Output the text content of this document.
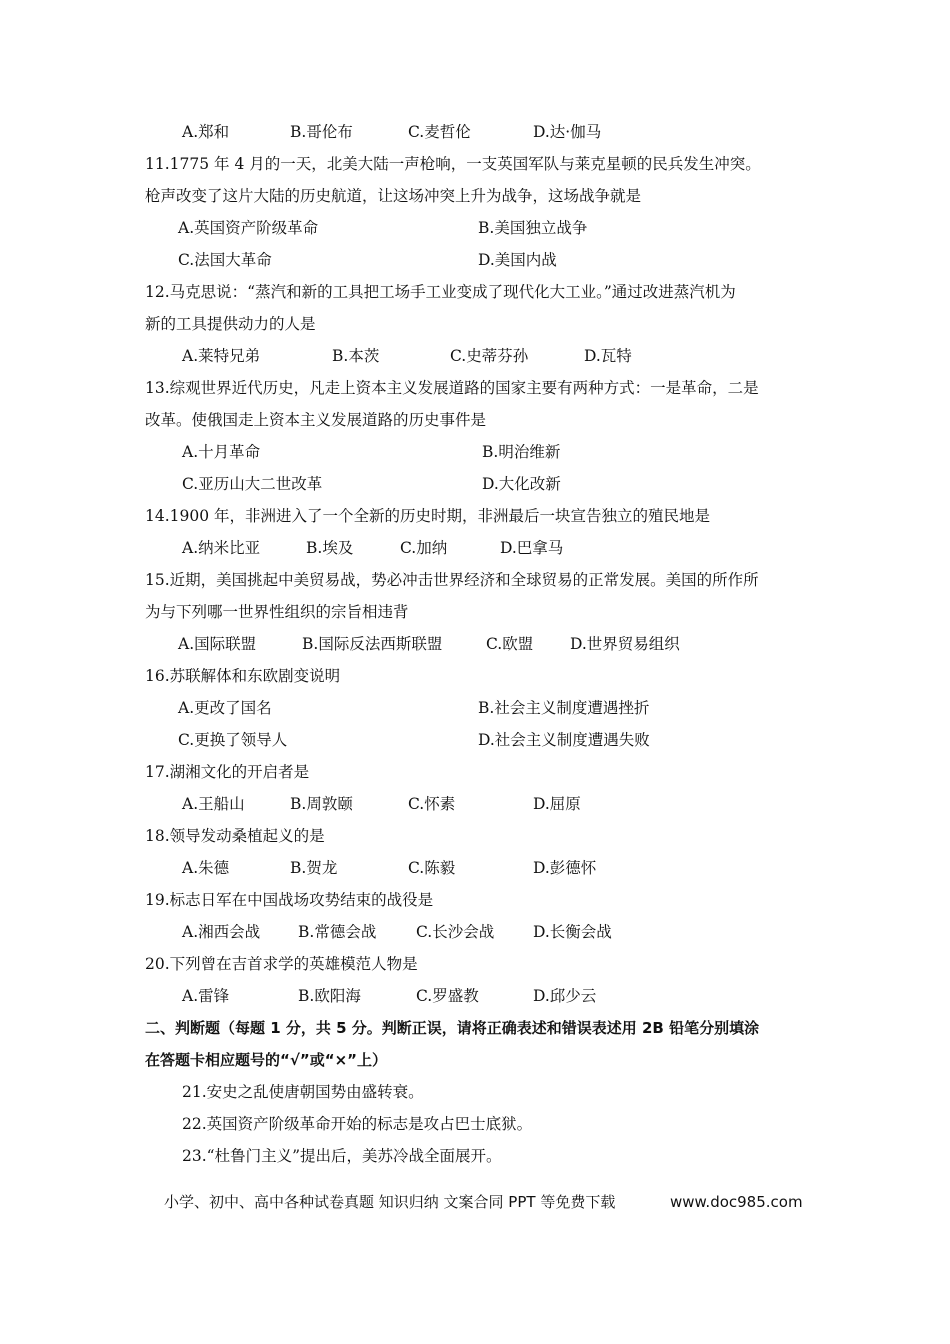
A.郑和	B.哥伦布	C.麦哲伦	D.达·伽马
11.1775 年 4 月的一天，北美大陆一声枪响，一支英国军队与莱克星顿的民兵发生冲突。
枪声改变了这片大陆的历史航道，让这场冲突上升为战争，这场战争就是
A.英国资产阶级革命	B.美国独立战争
C.法国大革命	D.美国内战
12.马克思说：“蒸汽和新的工具把工场手工业变成了现代化大工业。”通过改进蒸汽机为
新的工具提供动力的人是
A.莱特兄弟	B.本茨	C.史蒂芬孙	D.瓦特
13.综观世界近代历史，凡走上资本主义发展道路的国家主要有两种方式：一是革命，二是
改革。使俄国走上资本主义发展道路的历史事件是
A.十月革命	B.明治维新
C.亚历山大二世改革	D.大化改新
14.1900 年，非洲进入了一个全新的历史时期，非洲最后一块宣告独立的殖民地是
A.纳米比亚	B.埃及	C.加纳	D.巴拿马
15.近期，美国挑起中美贸易战，势必冲击世界经济和全球贸易的正常发展。美国的所作所
为与下列哪一世界性组织的宗旨相违背
A.国际联盟	B.国际反法西斯联盟	C.欧盟 D.世界贸易组织
16.苏联解体和东欧剧变说明
A.更改了国名	B.社会主义制度遭遇挫折
C.更换了领导人	D.社会主义制度遭遇失败
17.湖湘文化的开启者是
A.王船山	B.周敦颐	C.怀素	D.屈原
18.领导发动桑植起义的是
A.朱德	B.贺龙	C.陈毅	D.彭德怀
19.标志日军在中国战场攻势结束的战役是
A.湘西会战 B.常德会战	C.长沙会战	D.长衡会战
20.下列曾在吉首求学的英雄模范人物是
A.雷锋	B.欧阳海	C.罗盛教	D.邱少云
二、判断题（每题 1 分，共 5 分。判断正误，请将正确表述和错误表述用 2B 铅笔分别填涂
在答题卡相应题号的“√”或“×”上）
21.安史之乱使唐朝国势由盛转衰。
22.英国资产阶级革命开始的标志是攻占巴士底狱。
23.“杜鲁门主义”提出后，美苏冷战全面展开。
小学、初中、高中各种试卷真题 知识归纳 文案合同 PPT 等免费下载	www.doc985.com
